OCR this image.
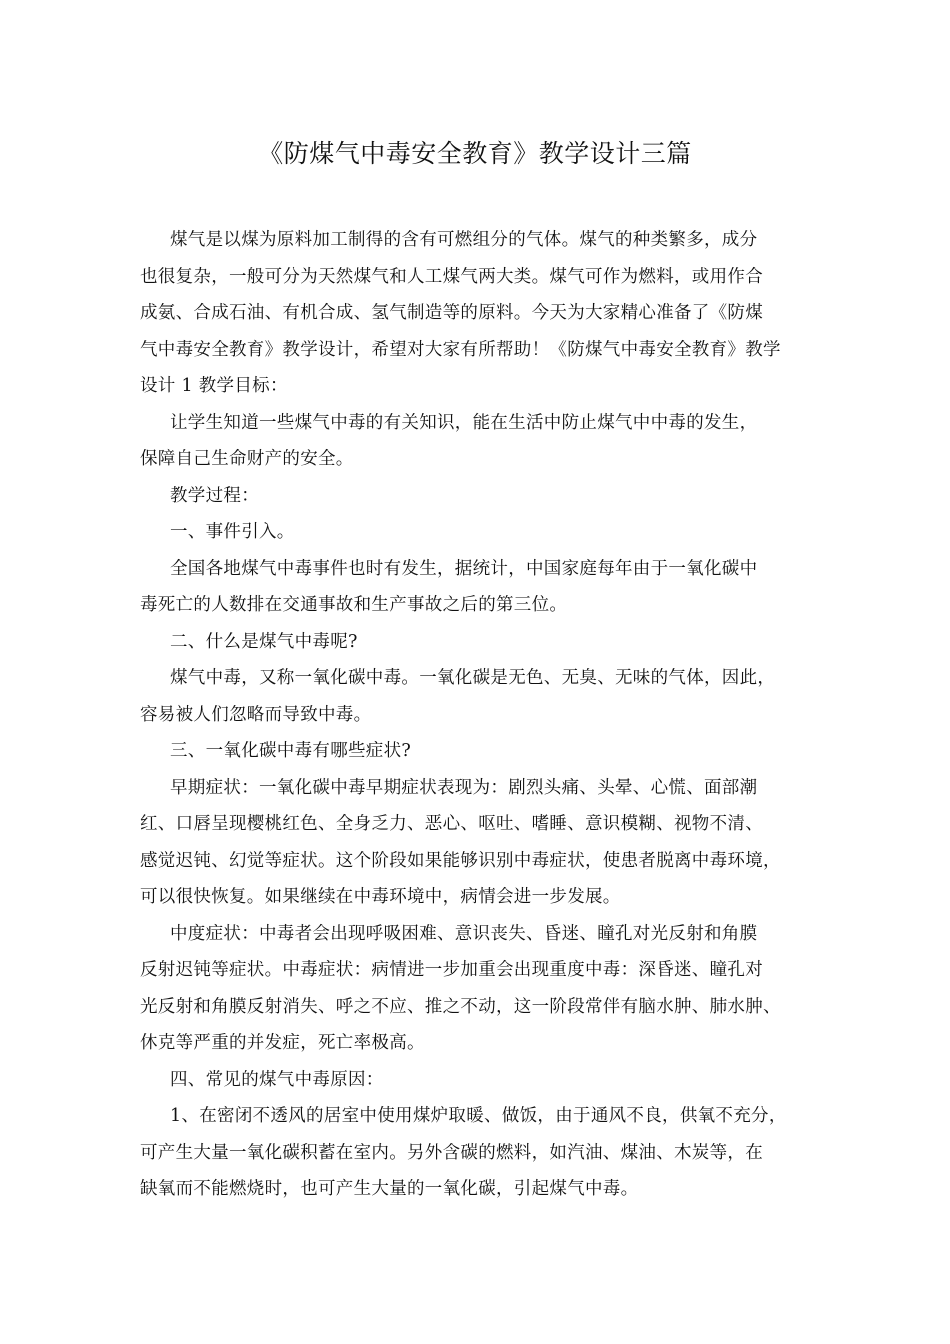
《防煤气中毒安全教育》教学设计三篇
煤气是以煤为原料加工制得的含有可燃组分的气体。煤气的种类繁多，成分
也很复杂，一般可分为天然煤气和人工煤气两大类。煤气可作为燃料，或用作合
成氨、合成石油、有机合成、氢气制造等的原料。今天为大家精心准备了《防煤
气中毒安全教育》教学设计，希望对大家有所帮助！《防煤气中毒安全教育》教学
设计 1 教学目标：
让学生知道一些煤气中毒的有关知识，能在生活中防止煤气中中毒的发生，
保障自己生命财产的安全。
教学过程：
一、事件引入。
全国各地煤气中毒事件也时有发生，据统计，中国家庭每年由于一氧化碳中
毒死亡的人数排在交通事故和生产事故之后的第三位。
二、什么是煤气中毒呢?
煤气中毒，又称一氧化碳中毒。一氧化碳是无色、无臭、无味的气体，因此，
容易被人们忽略而导致中毒。
三、一氧化碳中毒有哪些症状?
早期症状：一氧化碳中毒早期症状表现为：剧烈头痛、头晕、心慌、面部潮
红、口唇呈现樱桃红色、全身乏力、恶心、呕吐、嗜睡、意识模糊、视物不清、
感觉迟钝、幻觉等症状。这个阶段如果能够识别中毒症状，使患者脱离中毒环境，
可以很快恢复。如果继续在中毒环境中，病情会进一步发展。
中度症状：中毒者会出现呼吸困难、意识丧失、昏迷、瞳孔对光反射和角膜
反射迟钝等症状。中毒症状：病情进一步加重会出现重度中毒：深昏迷、瞳孔对
光反射和角膜反射消失、呼之不应、推之不动，这一阶段常伴有脑水肿、肺水肿、
休克等严重的并发症，死亡率极高。
四、常见的煤气中毒原因：
1、在密闭不透风的居室中使用煤炉取暖、做饭，由于通风不良，供氧不充分，
可产生大量一氧化碳积蓄在室内。另外含碳的燃料，如汽油、煤油、木炭等，在
缺氧而不能燃烧时，也可产生大量的一氧化碳，引起煤气中毒。
